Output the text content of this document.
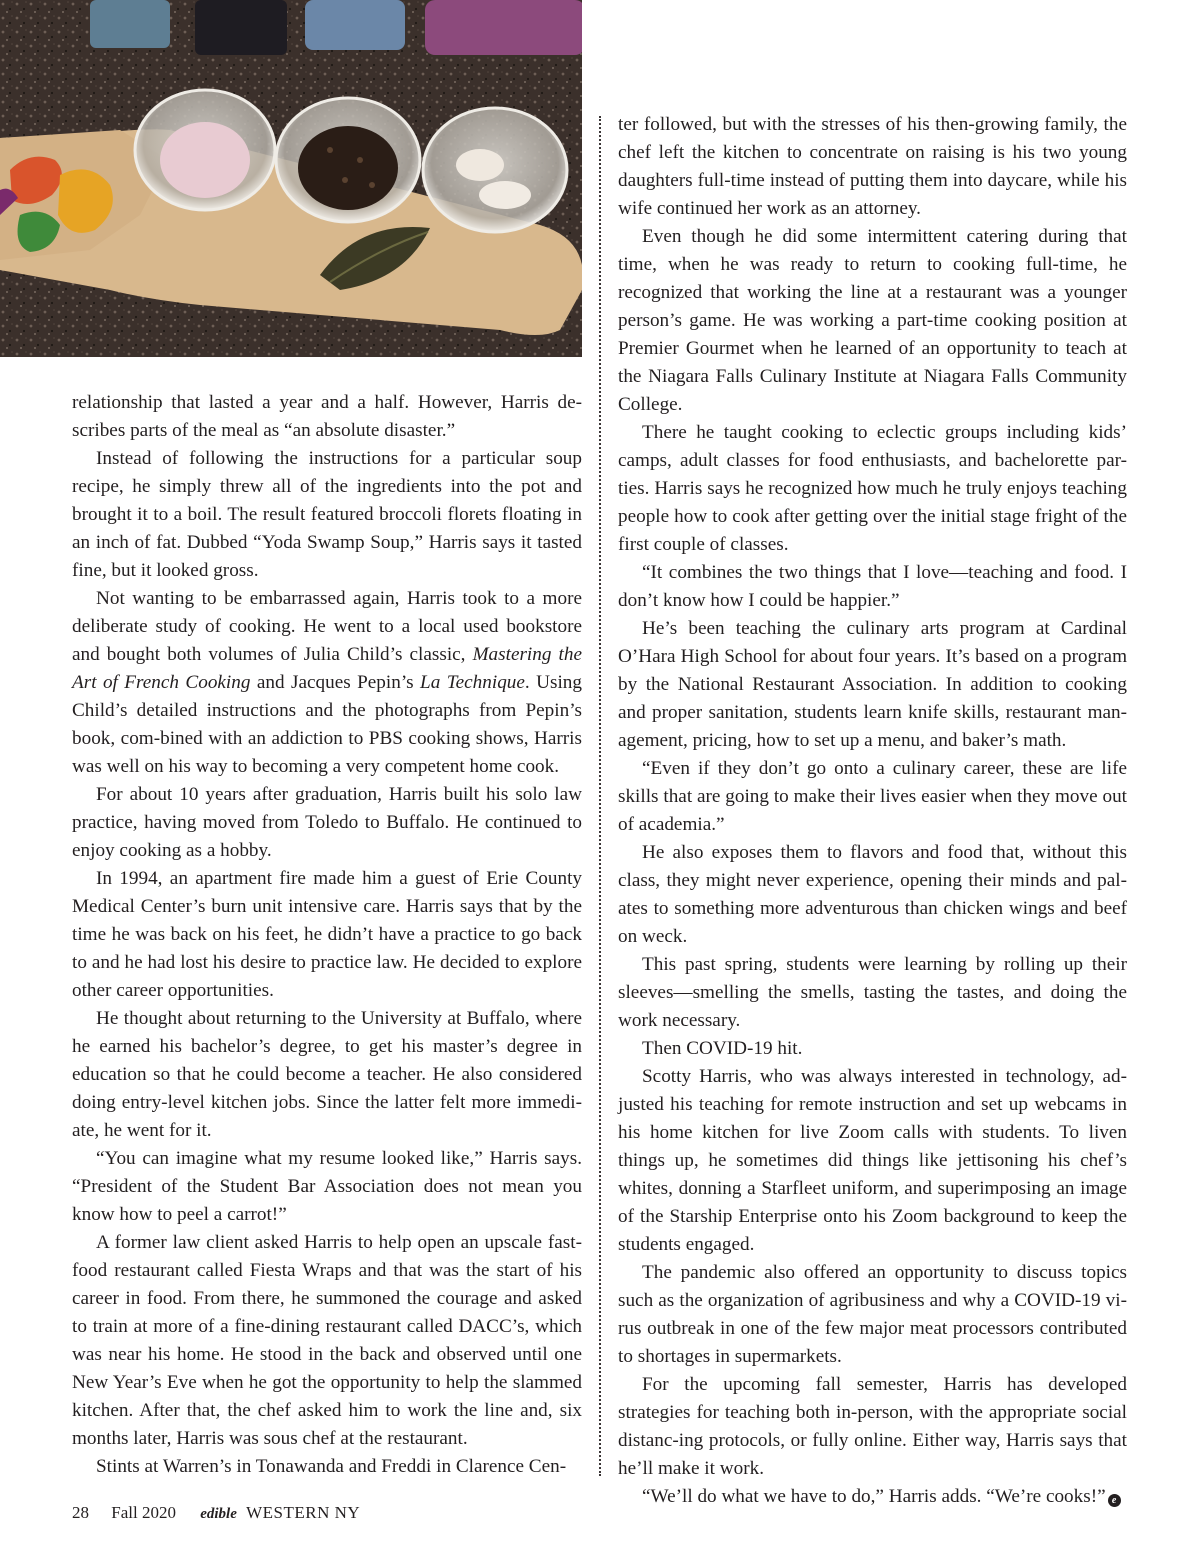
relationship that lasted a year and a half. However, Harris de-scribes parts of the meal as “an absolute disaster.”

Instead of following the instructions for a particular soup recipe, he simply threw all of the ingredients into the pot and brought it to a boil. The result featured broccoli florets floating in an inch of fat. Dubbed “Yoda Swamp Soup,” Harris says it tasted fine, but it looked gross.

Not wanting to be embarrassed again, Harris took to a more deliberate study of cooking. He went to a local used bookstore and bought both volumes of Julia Child’s classic, Mastering the Art of French Cooking and Jacques Pepin’s La Technique. Using Child’s detailed instructions and the photographs from Pepin’s book, com-bined with an addiction to PBS cooking shows, Harris was well on his way to becoming a very competent home cook.

For about 10 years after graduation, Harris built his solo law practice, having moved from Toledo to Buffalo. He continued to enjoy cooking as a hobby.

In 1994, an apartment fire made him a guest of Erie County Medical Center’s burn unit intensive care. Harris says that by the time he was back on his feet, he didn’t have a practice to go back to and he had lost his desire to practice law. He decided to explore other career opportunities.

He thought about returning to the University at Buffalo, where he earned his bachelor’s degree, to get his master’s degree in education so that he could become a teacher. He also considered doing entry-level kitchen jobs. Since the latter felt more immedi-ate, he went for it.

“You can imagine what my resume looked like,” Harris says. “President of the Student Bar Association does not mean you know how to peel a carrot!”

A former law client asked Harris to help open an upscale fast-food restaurant called Fiesta Wraps and that was the start of his career in food. From there, he summoned the courage and asked to train at more of a fine-dining restaurant called DACC’s, which was near his home. He stood in the back and observed until one New Year’s Eve when he got the opportunity to help the slammed kitchen. After that, the chef asked him to work the line and, six months later, Harris was sous chef at the restaurant.

Stints at Warren’s in Tonawanda and Freddi in Clarence Cen-

ter followed, but with the stresses of his then-growing family, the chef left the kitchen to concentrate on raising is his two young daughters full-time instead of putting them into daycare, while his wife continued her work as an attorney.

Even though he did some intermittent catering during that time, when he was ready to return to cooking full-time, he recognized that working the line at a restaurant was a younger person’s game. He was working a part-time cooking position at Premier Gourmet when he learned of an opportunity to teach at the Niagara Falls Culinary Institute at Niagara Falls Community College.

There he taught cooking to eclectic groups including kids’ camps, adult classes for food enthusiasts, and bachelorette par-ties. Harris says he recognized how much he truly enjoys teaching people how to cook after getting over the initial stage fright of the first couple of classes.

“It combines the two things that I love—teaching and food. I don’t know how I could be happier.”

He’s been teaching the culinary arts program at Cardinal O’Hara High School for about four years. It’s based on a program by the National Restaurant Association. In addition to cooking and proper sanitation, students learn knife skills, restaurant man-agement, pricing, how to set up a menu, and baker’s math.

“Even if they don’t go onto a culinary career, these are life skills that are going to make their lives easier when they move out of academia.”

He also exposes them to flavors and food that, without this class, they might never experience, opening their minds and pal-ates to something more adventurous than chicken wings and beef on weck.

This past spring, students were learning by rolling up their sleeves—smelling the smells, tasting the tastes, and doing the work necessary.

Then COVID-19 hit.

Scotty Harris, who was always interested in technology, ad-justed his teaching for remote instruction and set up webcams in his home kitchen for live Zoom calls with students. To liven things up, he sometimes did things like jettisoning his chef’s whites, donning a Starfleet uniform, and superimposing an image of the Starship Enterprise onto his Zoom background to keep the students engaged.

The pandemic also offered an opportunity to discuss topics such as the organization of agribusiness and why a COVID-19 vi-rus outbreak in one of the few major meat processors contributed to shortages in supermarkets.

For the upcoming fall semester, Harris has developed strategies for teaching both in-person, with the appropriate social distanc-ing protocols, or fully online. Either way, Harris says that he’ll make it work.

“We’ll do what we have to do,” Harris adds. “We’re cooks!” e

28 Fall 2020 edible WESTERN NY
